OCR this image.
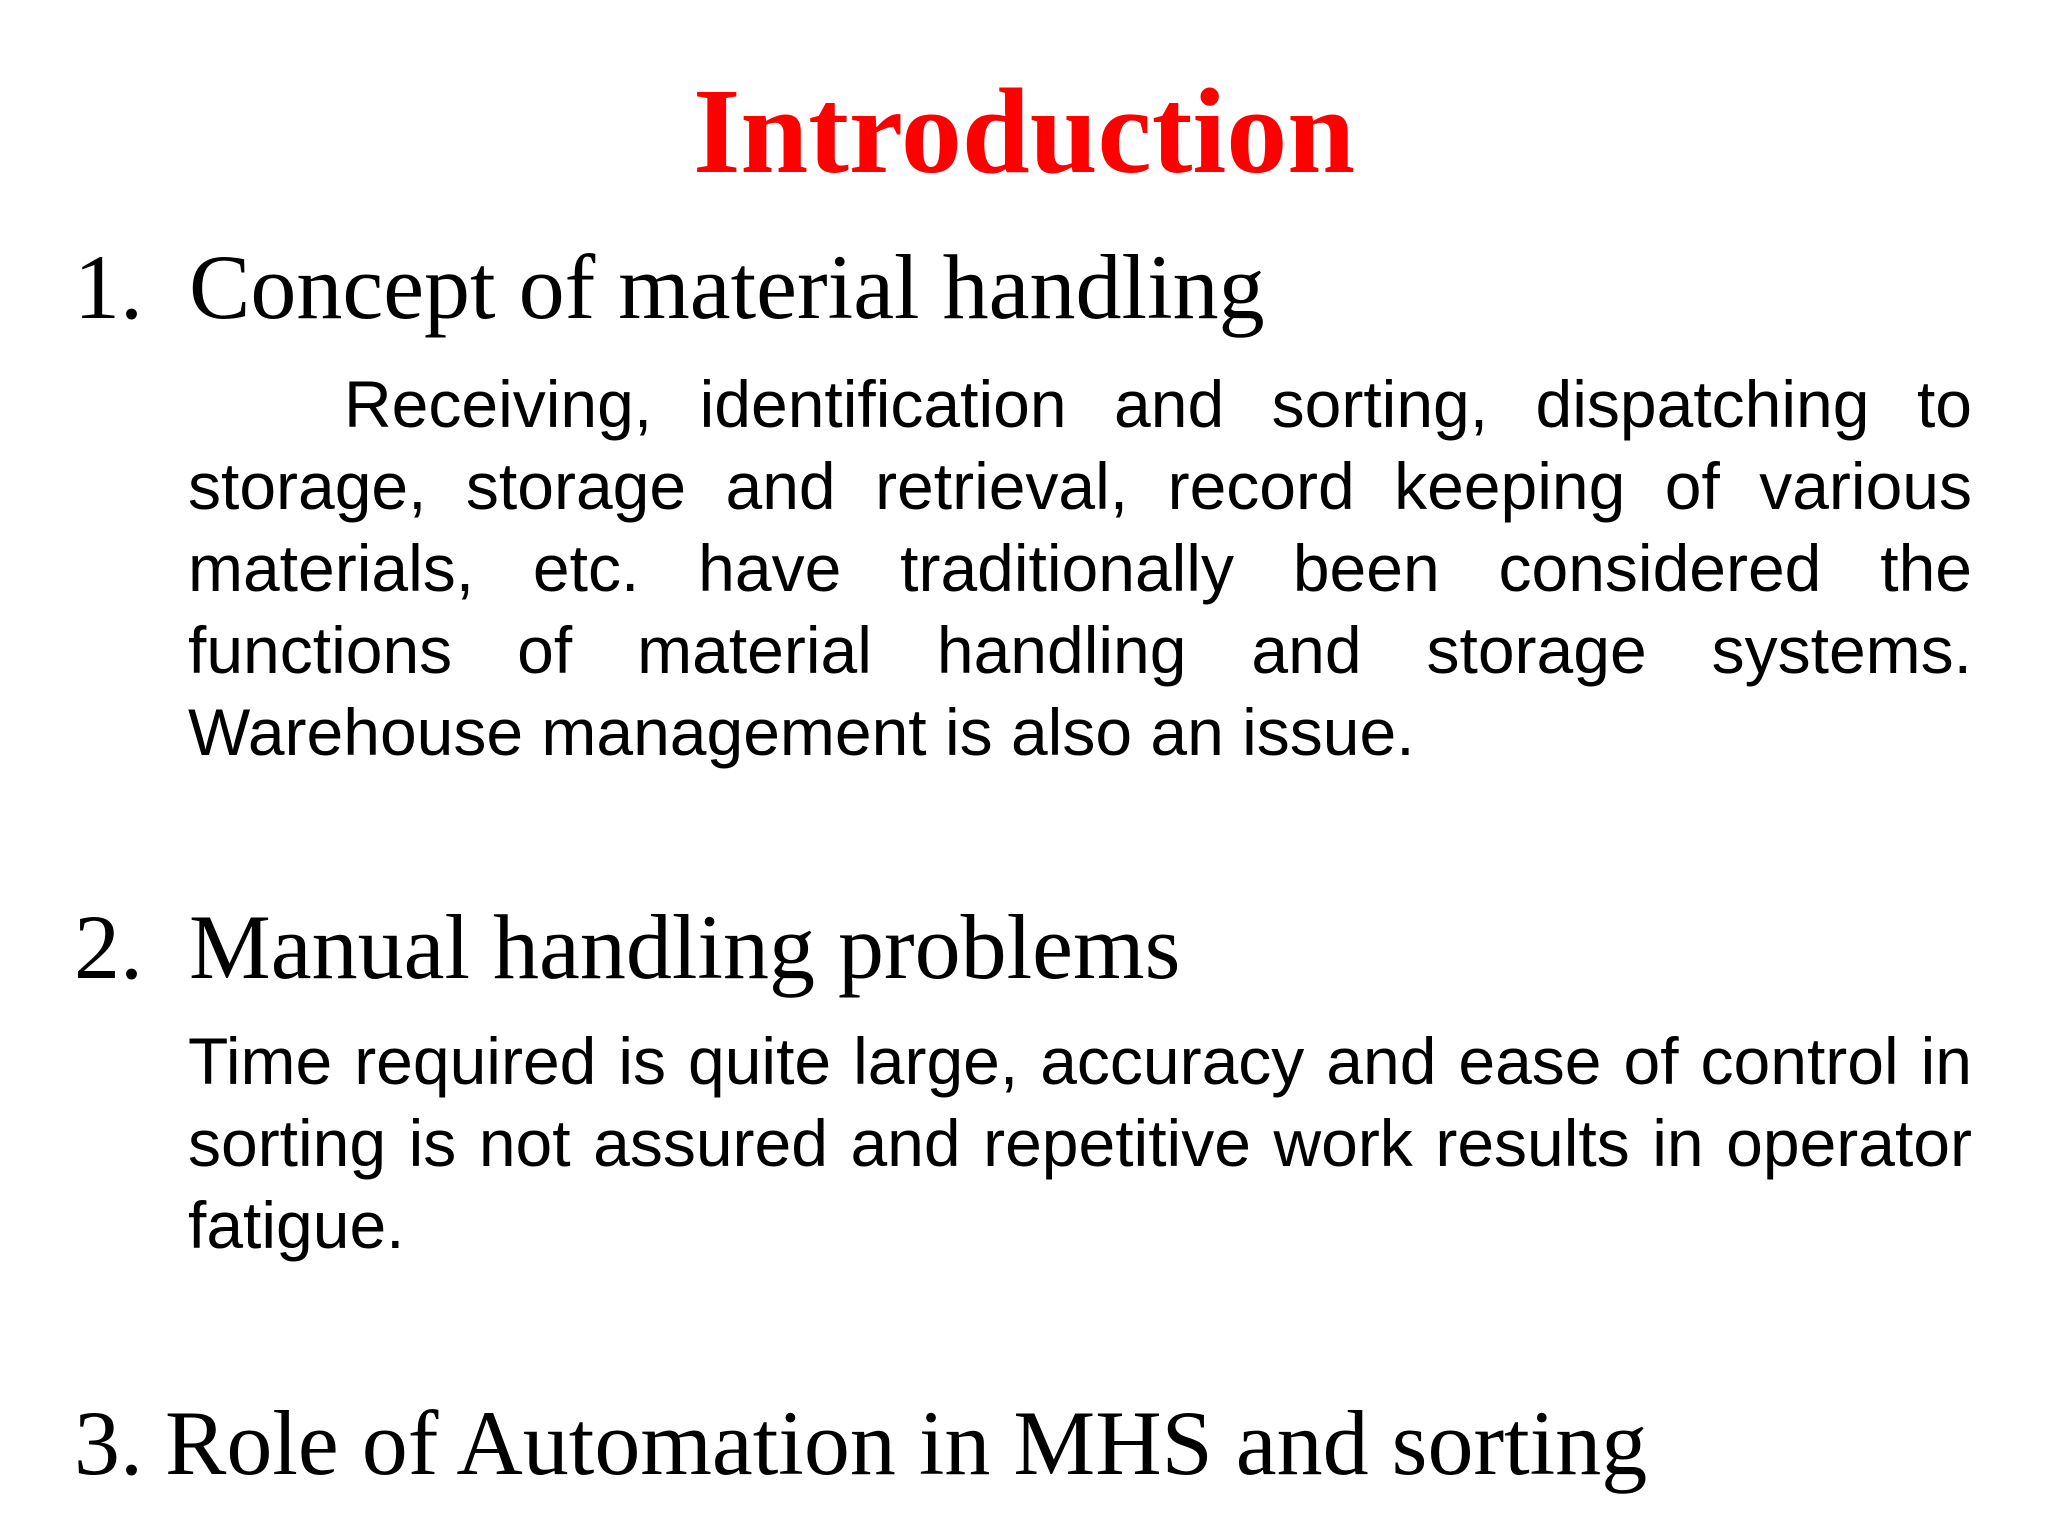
Introduction
1. Concept of material handling

Receiving, identification and sorting, dispatching to storage, storage and retrieval, record keeping of various materials, etc. have traditionally been considered the functions of material handling and storage systems. Warehouse management is also an issue.

2. Manual handling problems

Time required is quite large, accuracy and ease of control in sorting is not assured and repetitive work results in operator fatigue.

3. Role of Automation in MHS and sorting
